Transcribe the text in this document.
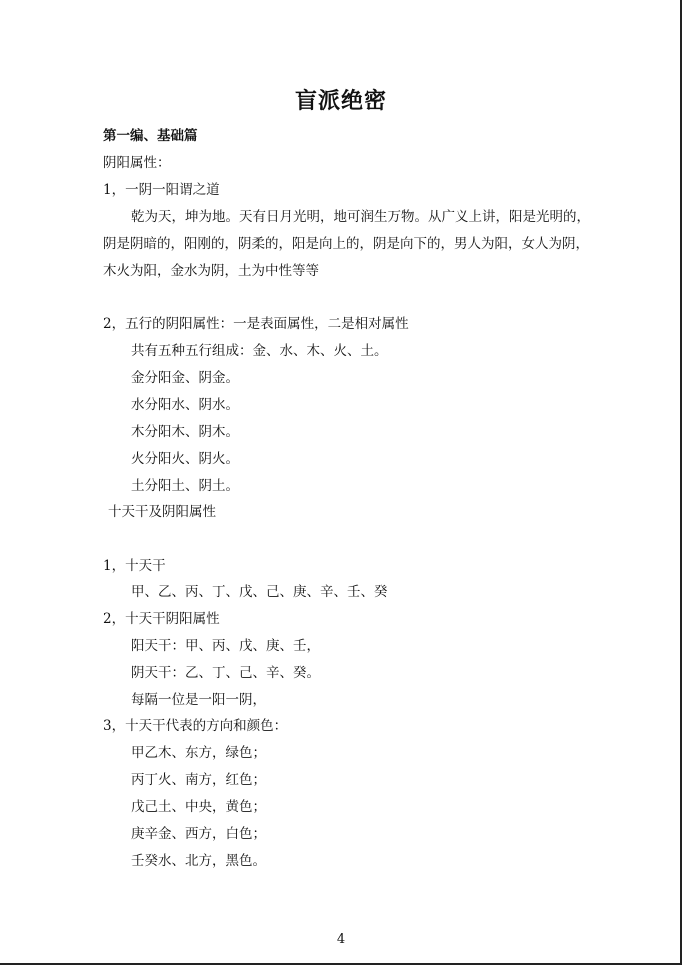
盲派绝密
第一编、基础篇
阴阳属性：
1，一阴一阳谓之道
乾为天，坤为地。天有日月光明，地可润生万物。从广义上讲，阳是光明的，
阴是阴暗的，阳刚的，阴柔的，阳是向上的，阴是向下的，男人为阳，女人为阴，
木火为阳，金水为阴，土为中性等等
2，五行的阴阳属性：一是表面属性，二是相对属性
共有五种五行组成：金、水、木、火、土。
金分阳金、阴金。
水分阳水、阴水。
木分阳木、阴木。
火分阳火、阴火。
土分阳土、阴土。
十天干及阴阳属性
1，十天干
甲、乙、丙、丁、戊、己、庚、辛、壬、癸
2，十天干阴阳属性
阳天干：甲、丙、戊、庚、壬，
阴天干：乙、丁、己、辛、癸。
每隔一位是一阳一阴，
3，十天干代表的方向和颜色：
甲乙木、东方，绿色；
丙丁火、南方，红色；
戊己土、中央，黄色；
庚辛金、西方，白色；
壬癸水、北方，黑色。
4
